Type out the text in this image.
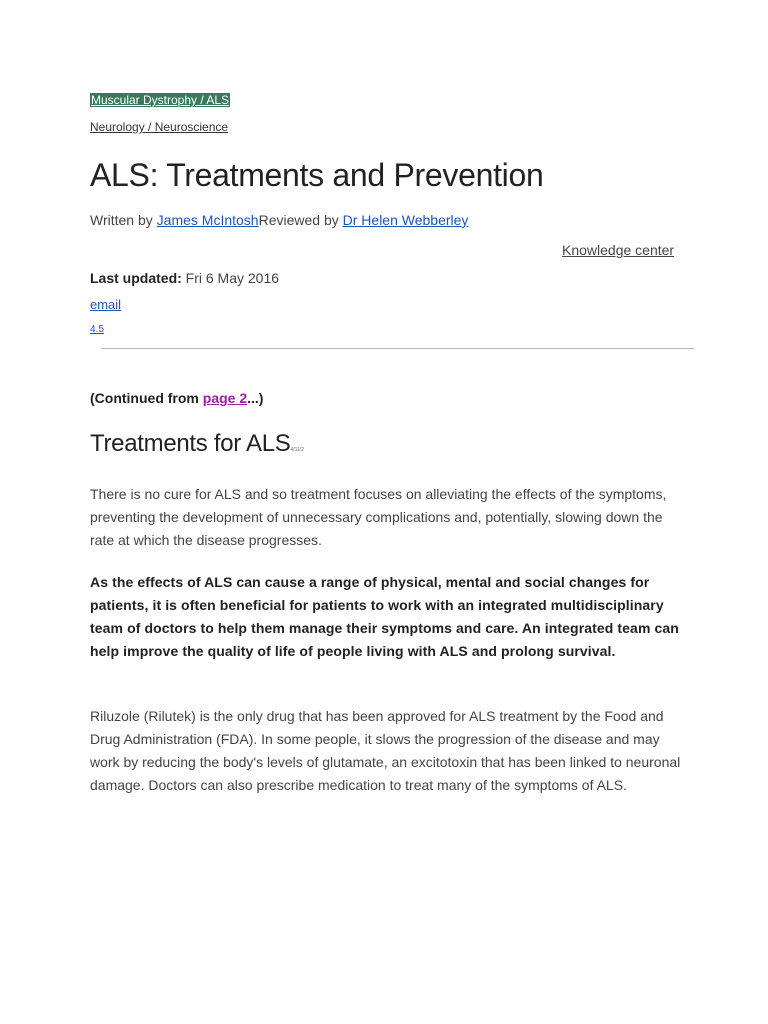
Muscular Dystrophy / ALS
Neurology / Neuroscience
ALS: Treatments and Prevention
Written by James McIntoshReviewed by Dr Helen Webberley
Knowledge center
Last updated: Fri 6 May 2016
email
4.5
(Continued from page 2...)
Treatments for ALS4/11/2

There is no cure for ALS and so treatment focuses on alleviating the effects of the symptoms, preventing the development of unnecessary complications and, potentially, slowing down the rate at which the disease progresses.

As the effects of ALS can cause a range of physical, mental and social changes for patients, it is often beneficial for patients to work with an integrated multidisciplinary team of doctors to help them manage their symptoms and care. An integrated team can help improve the quality of life of people living with ALS and prolong survival.

Riluzole (Rilutek) is the only drug that has been approved for ALS treatment by the Food and Drug Administration (FDA). In some people, it slows the progression of the disease and may work by reducing the body's levels of glutamate, an excitotoxin that has been linked to neuronal damage. Doctors can also prescribe medication to treat many of the symptoms of ALS.
